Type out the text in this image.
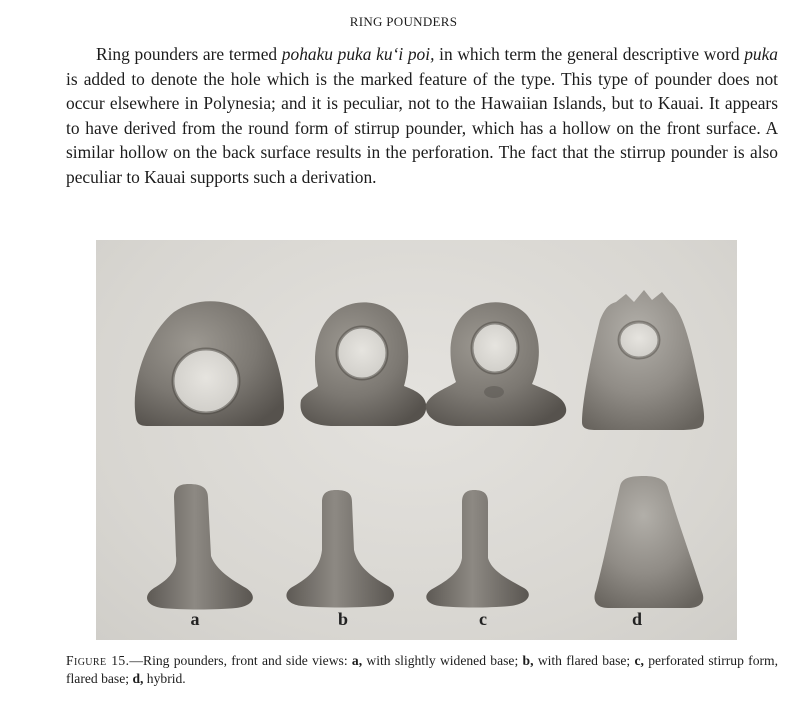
RING POUNDERS

Ring pounders are termed pohaku puka kuʻi poi, in which term the general descriptive word puka is added to denote the hole which is the marked feature of the type. This type of pounder does not occur elsewhere in Polynesia; and it is peculiar, not to the Hawaiian Islands, but to Kauai. It appears to have derived from the round form of stirrup pounder, which has a hollow on the front surface. A similar hollow on the back surface results in the perforation. The fact that the stirrup pounder is also peculiar to Kauai supports such a derivation.

a	b	c	d
Figure 15.—Ring pounders, front and side views: a, with slightly widened base; b, with flared base; c, perforated stirrup form, flared base; d, hybrid.
